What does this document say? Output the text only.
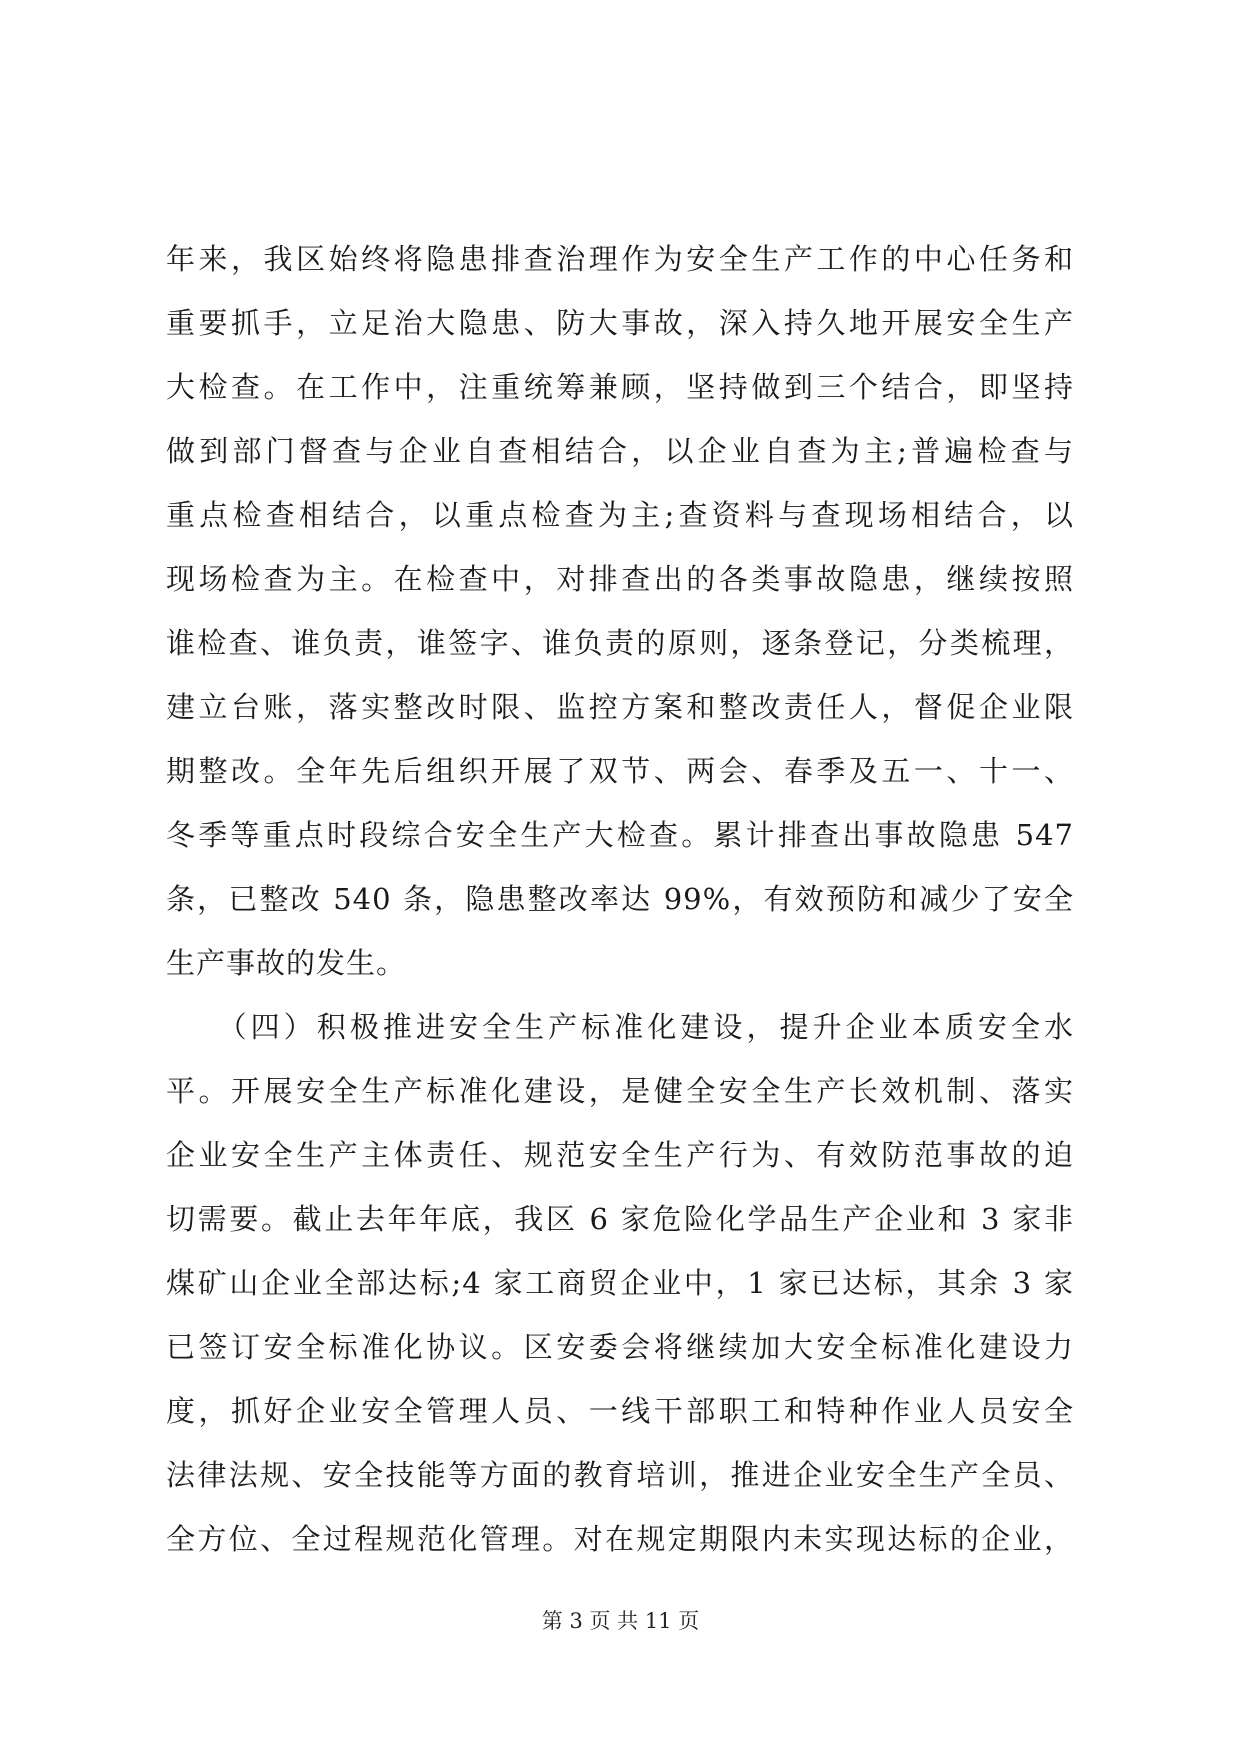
年来，我区始终将隐患排查治理作为安全生产工作的中心任务和
重要抓手，立足治大隐患、防大事故，深入持久地开展安全生产
大检查。在工作中，注重统筹兼顾，坚持做到三个结合，即坚持
做到部门督查与企业自查相结合，以企业自查为主;普遍检查与
重点检查相结合，以重点检查为主;查资料与查现场相结合，以
现场检查为主。在检查中，对排查出的各类事故隐患，继续按照
谁检查、谁负责，谁签字、谁负责的原则，逐条登记，分类梳理，
建立台账，落实整改时限、监控方案和整改责任人，督促企业限
期整改。全年先后组织开展了双节、两会、春季及五一、十一、
冬季等重点时段综合安全生产大检查。累计排查出事故隐患 547
条，已整改 540 条，隐患整改率达 99%，有效预防和减少了安全
生产事故的发生。
　　（四）积极推进安全生产标准化建设，提升企业本质安全水
平。开展安全生产标准化建设，是健全安全生产长效机制、落实
企业安全生产主体责任、规范安全生产行为、有效防范事故的迫
切需要。截止去年年底，我区 6 家危险化学品生产企业和 3 家非
煤矿山企业全部达标;4 家工商贸企业中，1 家已达标，其余 3 家
已签订安全标准化协议。区安委会将继续加大安全标准化建设力
度，抓好企业安全管理人员、一线干部职工和特种作业人员安全
法律法规、安全技能等方面的教育培训，推进企业安全生产全员、
全方位、全过程规范化管理。对在规定期限内未实现达标的企业，
第 3 页 共 11 页
